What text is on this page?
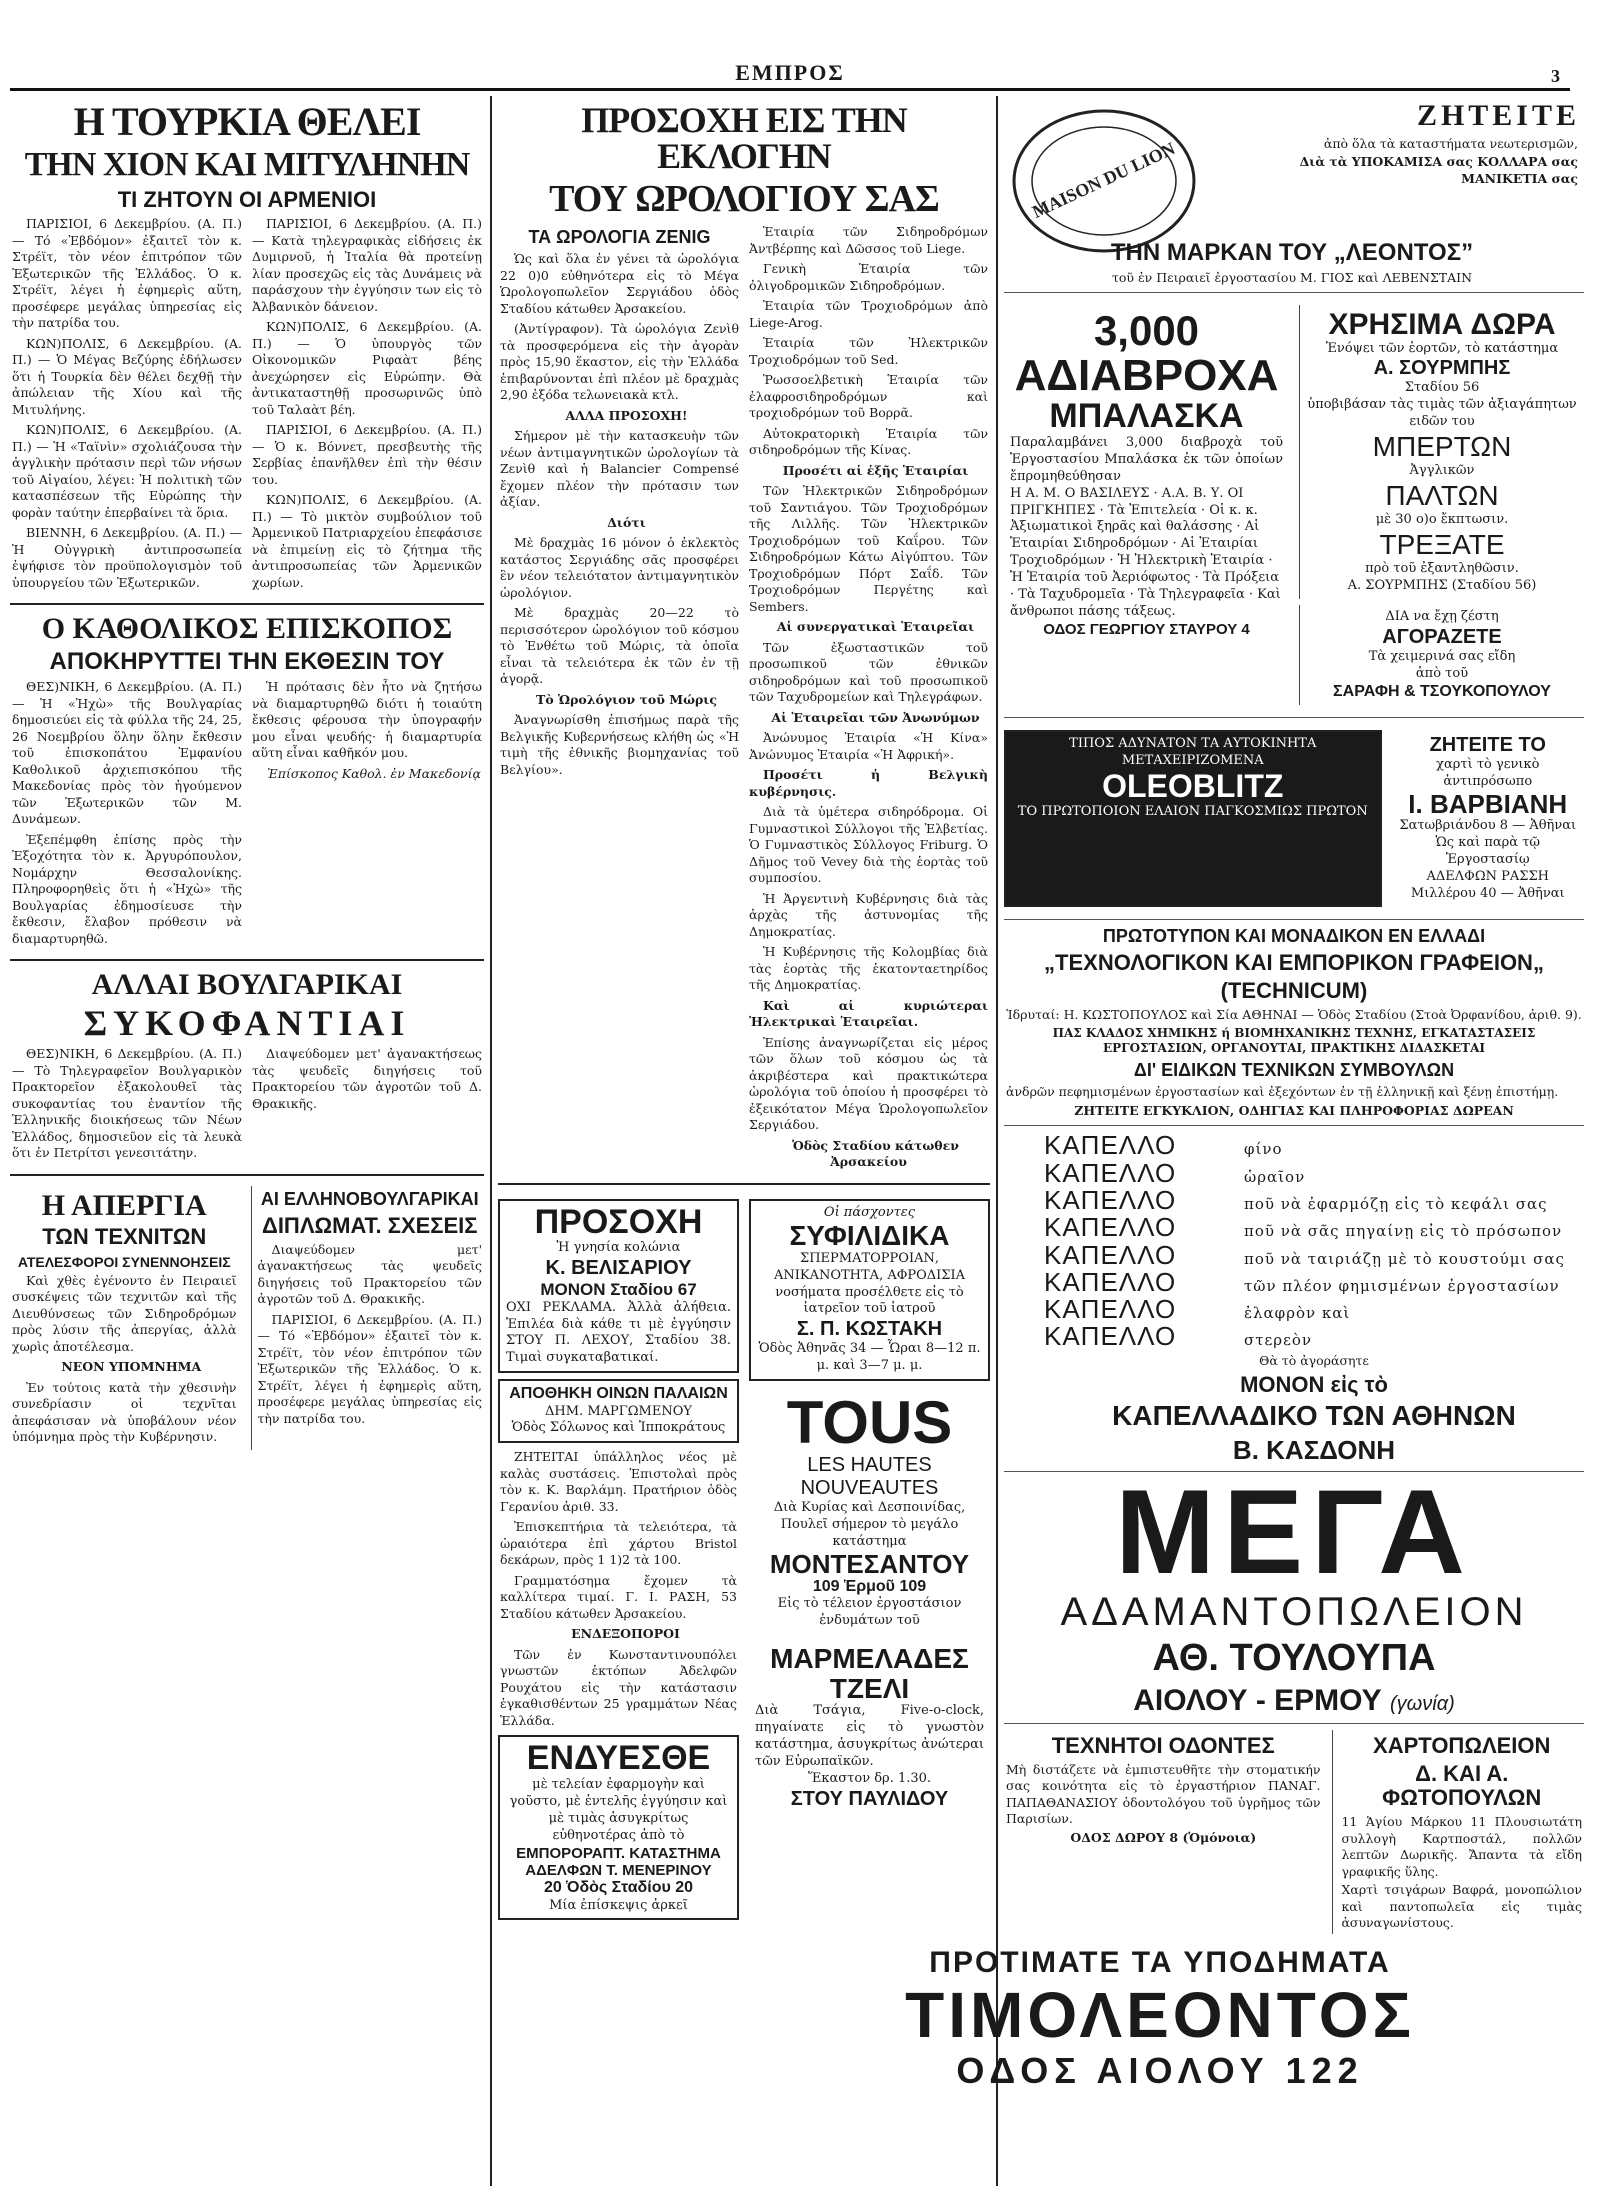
ΕΜΠΡΟΣ	3
Η ΤΟΥΡΚΙΑ ΘΕΛΕΙ
ΤΗΝ ΧΙΟΝ ΚΑΙ ΜΙΤΥΛΗΝΗΝ
ΤΙ ΖΗΤΟΥΝ ΟΙ ΑΡΜΕΝΙΟΙ

ΠΑΡΙΣΙΟΙ, 6 Δεκεμβρίου. (Α. Π.) — Τό «Ἐβδόμον» ἐξαιτεῖ τὸν κ. Στρέϊτ, τὸν νέον ἐπιτρόπον τῶν Ἐξωτερικῶν τῆς Ἑλλάδος. Ὁ κ. Στρέϊτ, λέγει ἡ ἐφημερὶς αὕτη, προσέφερε μεγάλας ὑπηρεσίας εἰς τὴν πατρίδα του.

ΚΩΝ)ΠΟΛΙΣ, 6 Δεκεμβρίου. (Α. Π.) — Ὁ Μέγας Βεζύρης ἐδήλωσεν ὅτι ἡ Τουρκία δὲν θέλει δεχθῇ τὴν ἀπώλειαν τῆς Χίου καὶ τῆς Μιτυλήνης.

ΚΩΝ)ΠΟΛΙΣ, 6 Δεκεμβρίου. (Α. Π.) — Ἡ «Ταϊνὶν» σχολιάζουσα τὴν ἀγγλικὴν πρότασιν περὶ τῶν νήσων τοῦ Αἰγαίου, λέγει: Ἡ πολιτικὴ τῶν κατασπέσεων τῆς Εὐρώπης τὴν φορὰν ταύτην ἐπερβαίνει τὰ ὅρια.

ΒΙΕΝΝΗ, 6 Δεκεμβρίου. (Α. Π.) — Ἡ Οὐγγρικὴ ἀντιπροσωπεία ἐψήφισε τὸν προϋπολογισμὸν τοῦ ὑπουργείου τῶν Ἐξωτερικῶν.

ΠΑΡΙΣΙΟΙ, 6 Δεκεμβρίου. (Α. Π.) — Κατὰ τηλεγραφικὰς εἰδήσεις ἐκ Δυμιρνοῦ, ἡ Ἰταλία θὰ προτείνῃ λίαν προσεχῶς εἰς τὰς Δυνάμεις νὰ παράσχουν τὴν ἐγγύησιν των εἰς τὸ Ἀλβανικὸν δάνειον.

ΚΩΝ)ΠΟΛΙΣ, 6 Δεκεμβρίου. (Α. Π.) — Ὁ ὑπουργὸς τῶν Οἰκονομικῶν Ριφαὰτ βέης ἀνεχώρησεν εἰς Εὐρώπην. Θὰ ἀντικαταστηθῇ προσωρινῶς ὑπὸ τοῦ Ταλαὰτ βέη.

ΠΑΡΙΣΙΟΙ, 6 Δεκεμβρίου. (Α. Π.) — Ὁ κ. Βόννετ, πρεσβευτὴς τῆς Σερβίας ἐπανῆλθεν ἐπὶ τὴν θέσιν του.

ΚΩΝ)ΠΟΛΙΣ, 6 Δεκεμβρίου. (Α. Π.) — Τὸ μικτὸν συμβούλιον τοῦ Ἀρμενικοῦ Πατριαρχείου ἐπεφάσισε νὰ ἐπιμείνῃ εἰς τὸ ζήτημα τῆς ἀντιπροσωπείας τῶν Ἀρμενικῶν χωρίων.

Ο ΚΑΘΟΛΙΚΟΣ ΕΠΙΣΚΟΠΟΣ
ΑΠΟΚΗΡΥΤΤΕΙ ΤΗΝ ΕΚΘΕΣΙΝ ΤΟΥ

ΘΕΣ)ΝΙΚΗ, 6 Δεκεμβρίου. (Α. Π.) — Ἡ «Ἠχὼ» τῆς Βουλγαρίας δημοσιεύει εἰς τὰ φύλλα τῆς 24, 25, 26 Νοεμβρίου ὅλην ὅλην ἔκθεσιν τοῦ ἐπισκοπάτου Ἐμφανίου Καθολικοῦ ἀρχιεπισκόπου τῆς Μακεδονίας πρὸς τὸν ἡγούμενον τῶν Ἐξωτερικῶν τῶν Μ. Δυνάμεων.

Ἐξεπέμφθη ἐπίσης πρὸς τὴν Ἐξοχότητα τὸν κ. Ἀργυρόπουλον, Νομάρχην Θεσσαλονίκης. Πληροφορηθεὶς ὅτι ἡ «Ἠχὼ» τῆς Βουλγαρίας ἐδημοσίευσε τὴν ἔκθεσιν, ἔλαβον πρόθεσιν νὰ διαμαρτυρηθῶ.

Ἡ πρότασις δὲν ἦτο νὰ ζητήσω νὰ διαμαρτυρηθῶ διότι ἡ τοιαύτη ἔκθεσις φέρουσα τὴν ὑπογραφήν μου εἶναι ψευδής· ἡ διαμαρτυρία αὕτη εἶναι καθῆκόν μου.

Ἐπίσκοπος Καθολ. ἐν Μακεδονίᾳ

ΑΛΛΑΙ ΒΟΥΛΓΑΡΙΚΑΙ
ΣΥΚΟΦΑΝΤΙΑΙ

ΘΕΣ)ΝΙΚΗ, 6 Δεκεμβρίου. (Α. Π.) — Τὸ Τηλεγραφεῖον Βουλγαρικὸν Πρακτορεῖον ἐξακολουθεῖ τὰς συκοφαντίας του ἐναντίον τῆς Ἑλληνικῆς διοικήσεως τῶν Νέων Ἑλλάδος, δημοσιεῦον εἰς τὰ λευκὰ ὅτι ἐν Πετρίτσι γενεσιτάτην.

Διαψεύδομεν μετ' ἀγανακτήσεως τὰς ψευδεῖς διηγήσεις τοῦ Πρακτορείου τῶν ἀγροτῶν τοῦ Δ. Θρακικῆς.

Η ΑΠΕΡΓΙΑ
ΤΩΝ ΤΕΧΝΙΤΩΝ
ΑΤΕΛΕΣΦΟΡΟΙ ΣΥΝΕΝΝΟΗΣΕΙΣ

Καὶ χθὲς ἐγένοντο ἐν Πειραιεῖ συσκέψεις τῶν τεχνιτῶν καὶ τῆς Διευθύνσεως τῶν Σιδηροδρόμων πρὸς λύσιν τῆς ἀπεργίας, ἀλλὰ χωρὶς ἀποτέλεσμα.

ΝΕΟΝ ΥΠΟΜΝΗΜΑ

Ἐν τούτοις κατὰ τὴν χθεσινὴν συνεδρίασιν οἱ τεχνῖται ἀπεφάσισαν νὰ ὑποβάλουν νέον ὑπόμνημα πρὸς τὴν Κυβέρνησιν.

ΑΙ ΕΛΛΗΝΟΒΟΥΛΓΑΡΙΚΑΙ
ΔΙΠΛΩΜΑΤ. ΣΧΕΣΕΙΣ

Διαψεύδομεν μετ' ἀγανακτήσεως τὰς ψευδεῖς διηγήσεις τοῦ Πρακτορείου τῶν ἀγροτῶν τοῦ Δ. Θρακικῆς.

ΠΑΡΙΣΙΟΙ, 6 Δεκεμβρίου. (Α. Π.) — Τό «Ἐβδόμον» ἐξαιτεῖ τὸν κ. Στρέϊτ, τὸν νέον ἐπιτρόπον τῶν Ἐξωτερικῶν τῆς Ἑλλάδος. Ὁ κ. Στρέϊτ, λέγει ἡ ἐφημερὶς αὕτη, προσέφερε μεγάλας ὑπηρεσίας εἰς τὴν πατρίδα του.

ΠΡΟΣΟΧΗ ΕΙΣ ΤΗΝ ΕΚΛΟΓΗΝ
ΤΟΥ ΩΡΟΛΟΓΙΟΥ ΣΑΣ
ΤΑ ΩΡΟΛΟΓΙΑ ZENIG

Ὡς καὶ ὅλα ἐν γένει τὰ ὡρολόγια 22 0)0 εὐθηνότερα εἰς τὸ Μέγα Ὡρολογοπωλεῖον Σεργιάδου ὁδὸς Σταδίου κάτωθεν Ἀρσακείου.

(Ἀντίγραφον). Τὰ ὡρολόγια Ζενὶθ τὰ προσφερόμενα εἰς τὴν ἀγορὰν πρὸς 15,90 ἕκαστον, εἰς τὴν Ἑλλάδα ἐπιβαρύνονται ἐπὶ πλέον μὲ δραχμὰς 2,90 ἐξόδα τελωνειακὰ κτλ.

ΑΛΛΑ ΠΡΟΣΟΧΗ!

Σήμερον μὲ τὴν κατασκευὴν τῶν νέων ἀντιμαγνητικῶν ὡρολογίων τὰ Ζενὶθ καὶ ἡ Balancier Compensé ἔχομεν πλέον τὴν πρότασιν των ἀξίαν.

Διότι

Μὲ δραχμὰς 16 μόνον ὁ ἐκλεκτὸς κατάστος Σεργιάδης σᾶς προσφέρει ἓν νέον τελειότατον ἀντιμαγνητικὸν ὡρολόγιον.

Μὲ δραχμὰς 20—22 τὸ περισσότερον ὡρολόγιον τοῦ κόσμου τὸ Ἐνθέτω τοῦ Μώρις, τὰ ὁποῖα εἶναι τὰ τελειότερα ἐκ τῶν ἐν τῇ ἀγορᾷ.

Τὸ Ὡρολόγιον τοῦ Μώρις

Ἀναγνωρίσθη ἐπισήμως παρὰ τῆς Βελγικῆς Κυβερνήσεως κλήθη ὡς «Ἡ τιμὴ τῆς ἐθνικῆς βιομηχανίας τοῦ Βελγίου».

Ἑταιρία τῶν Σιδηροδρόμων Ἀντβέρπης καὶ Δῶσσος τοῦ Liege.

Γενικὴ Ἑταιρία τῶν ὀλιγοδρομικῶν Σιδηροδρόμων.

Ἑταιρία τῶν Τροχιοδρόμων ἀπὸ Liege-Arog.

Ἑταιρία τῶν Ἠλεκτρικῶν Τροχιοδρόμων τοῦ Sed.

Ῥωσσοελβετικὴ Ἑταιρία τῶν ἐλαφροσιδηροδρόμων καὶ τροχιοδρόμων τοῦ Βορρᾶ.

Αὐτοκρατορικὴ Ἑταιρία τῶν σιδηροδρόμων τῆς Κίνας.

Προσέτι αἱ ἑξῆς Ἑταιρίαι

Τῶν Ἠλεκτρικῶν Σιδηροδρόμων τοῦ Σαντιάγου. Τῶν Τροχιοδρόμων τῆς Λιλλῆς. Τῶν Ἠλεκτρικῶν Τροχιοδρόμων τοῦ Καΐρου. Τῶν Σιδηροδρόμων Κάτω Αἰγύπτου. Τῶν Τροχιοδρόμων Πόρτ Σαΐδ. Τῶν Τροχιοδρόμων Περγέτης καὶ Sembers.

Αἱ συνεργατικαὶ Ἑταιρεῖαι

Τῶν ἐξωσταστικῶν τοῦ προσωπικοῦ τῶν ἐθνικῶν σιδηροδρόμων καὶ τοῦ προσωπικοῦ τῶν Ταχυδρομείων καὶ Τηλεγράφων.

Αἱ Ἑταιρεῖαι τῶν Ἀνωνύμων

Ἀνώνυμος Ἑταιρία «Ἡ Κίνα» Ἀνώνυμος Ἑταιρία «Ἡ Ἀφρική».

Προσέτι ἡ Βελγικὴ κυβέρνησις.

Διὰ τὰ ὑμέτερα σιδηρόδρομα. Οἱ Γυμναστικοὶ Σύλλογοι τῆς Ἑλβετίας. Ὁ Γυμναστικὸς Σύλλογος Friburg. Ὁ Δῆμος τοῦ Vevey διὰ τὴς ἑορτὰς τοῦ συμποσίου.

Ἡ Ἀργεντινὴ Κυβέρνησις διὰ τὰς ἀρχὰς τῆς ἀστυνομίας τῆς Δημοκρατίας.

Ἡ Κυβέρνησις τῆς Κολομβίας διὰ τὰς ἑορτὰς τῆς ἑκατονταετηρίδος τῆς Δημοκρατίας.

Καὶ αἱ κυριώτεραι Ἠλεκτρικαὶ Ἑταιρεῖαι.

Ἐπίσης ἀναγνωρίζεται εἰς μέρος τῶν ὅλων τοῦ κόσμου ὡς τὰ ἀκριβέστερα καὶ πρακτικώτερα ὡρολόγια τοῦ ὁποίου ἡ προσφέρει τὸ ἐξεικότατον Μέγα Ὡρολογοπωλεῖον Σεργιάδου.

Ὁδὸς Σταδίου κάτωθεν Ἀρσακείου

ΠΡΟΣΟΧΗ
Ἡ γνησία κολώνια
Κ. ΒΕΛΙΣΑΡΙΟΥ
ΜΟΝΟΝ Σταδίου 67
ΟΧΙ ΡΕΚΛΑΜΑ. Ἀλλὰ ἀλήθεια. Ἐπιλέα διὰ κάθε τι μὲ ἐγγύησιν ΣΤΟΥ Π. ΛΕΧΟΥ, Σταδίου 38. Τιμαὶ συγκαταβατικαί.
ΑΠΟΘΗΚΗ ΟΙΝΩΝ ΠΑΛΑΙΩΝ
ΔΗΜ. ΜΑΡΓΩΜΕΝΟΥ
Ὁδὸς Σόλωνος καὶ Ἱπποκράτους

ΖΗΤΕΙΤΑΙ ὑπάλληλος νέος μὲ καλὰς συστάσεις. Ἐπιστολαὶ πρὸς τὸν κ. Κ. Βαρλάμη. Πρατήριον ὁδὸς Γερανίου ἀριθ. 33.

Ἐπισκεπτήρια τὰ τελειότερα, τὰ ὡραιότερα ἐπὶ χάρτου Bristol δεκάρων, πρὸς 1 1)2 τὰ 100.

Γραμματόσημα ἔχομεν τὰ καλλίτερα τιμαί. Γ. Ι. ΡΑΣΗ, 53 Σταδίου κάτωθεν Ἀρσακείου.

ΕΝΔΕΞΟΠΟΡΟΙ

Τῶν ἐν Κωνσταντινουπόλει γνωστῶν ἐκτόπων Ἀδελφῶν Ρουχάτου εἰς τὴν κατάστασιν ἐγκαθισθέντων 25 γραμμάτων Νέας Ἑλλάδα.

ΕΝΔΥΕΣΘΕ
μὲ τελείαν ἐφαρμογὴν καὶ γοῦστο, μὲ ἐντελῆς ἐγγύησιν καὶ μὲ τιμὰς ἀσυγκρίτως εὐθηνοτέρας ἀπὸ τὸ
ΕΜΠΟΡΟΡΑΠΤ. ΚΑΤΑΣΤΗΜΑ ΑΔΕΛΦΩΝ Τ. ΜΕΝΕΡΙΝΟΥ
20 Ὁδὸς Σταδίου 20
Μία ἐπίσκεψις ἀρκεῖ
Οἱ πάσχοντες
ΣΥΦΙΛΙΔΙΚΑ
ΣΠΕΡΜΑΤΟΡΡΟΙΑΝ, ΑΝΙΚΑΝΟΤΗΤΑ, ΑΦΡΟΔΙΣΙΑ νοσήματα προσέλθετε εἰς τὸ ἰατρεῖον τοῦ ἰατροῦ
Σ. Π. ΚΩΣΤΑΚΗ
Ὁδὸς Ἀθηνᾶς 34 — Ὧραι 8—12 π. μ. καὶ 3—7 μ. μ.
TOUS
LES HAUTES
NOUVEAUTES
Διὰ Κυρίας καὶ Δεσποινίδας, Πουλεῖ σήμερον τὸ μεγάλο κατάστημα
ΜΟΝΤΕΣΑΝΤΟΥ
109 Ἑρμοῦ 109
Εἰς τὸ τέλειον ἐργοστάσιον ἐνδυμάτων τοῦ
ΜΑΡΜΕΛΑΔΕΣ
ΤΖΕΛΙ
Διὰ Τσάγια, Five-o-clock, πηγαίνατε εἰς τὸ γνωστὸν κατάστημα, ἀσυγκρίτως ἀνώτεραι τῶν Εὐρωπαϊκῶν.
Ἕκαστον δρ. 1.30.
ΣΤΟΥ ΠΑΥΛΙΔΟΥ
MAISON DU LION
ΖΗΤΕΙΤΕ
ἀπὸ ὅλα τὰ καταστήματα νεωτερισμῶν,
Διὰ τὰ ΥΠΟΚΑΜΙΣΑ σας ΚΟΛΛΑΡΑ σας ΜΑΝΙΚΕΤΙΑ σας
ΤΗΝ ΜΑΡΚΑΝ ΤΟΥ „ΛΕΟΝΤΟΣ”
τοῦ ἐν Πειραιεῖ ἐργοστασίου Μ. ΓΙΟΣ καὶ ΛΕΒΕΝΣΤΑΙΝ
3,000
ΑΔΙΑΒΡΟΧΑ
ΜΠΑΛΑΣΚΑ
Παραλαμβάνει 3,000 διαβροχὰ τοῦ Ἐργοστασίου Μπαλάσκα ἐκ τῶν ὁποίων ἔπρομηθεύθησαν
Η Α. Μ. Ο ΒΑΣΙΛΕΥΣ · Α.Α. Β. Υ. ΟΙ ΠΡΙΓΚΗΠΕΣ · Τὰ Ἐπιτελεία · Οἱ κ. κ. Ἀξιωματικοὶ ξηρᾶς καὶ θαλάσσης · Αἱ Ἑταιρίαι Σιδηροδρόμων · Αἱ Ἑταιρίαι Τροχιοδρόμων · Ἡ Ἠλεκτρικὴ Ἑταιρία · Ἡ Ἑταιρία τοῦ Ἀεριόφωτος · Τὰ Πρόξεια · Τὰ Ταχυδρομεῖα · Τὰ Τηλεγραφεῖα · Καὶ ἄνθρωποι πάσης τάξεως.
ΟΔΟΣ ΓΕΩΡΓΙΟΥ ΣΤΑΥΡΟΥ 4
ΧΡΗΣΙΜΑ ΔΩΡΑ
Ἐνόψει τῶν ἑορτῶν, τὸ κατάστημα
Α. ΣΟΥΡΜΠΗΣ
Σταδίου 56
ὑποβιβάσαν τὰς τιμὰς τῶν ἀξιαγάπητων ειδῶν του
ΜΠΕΡΤΩΝ
Ἀγγλικῶν
ΠΑΛΤΩΝ
μὲ 30 ο)ο ἔκπτωσιν.
ΤΡΕΞΑΤΕ
πρὸ τοῦ ἐξαντληθῶσιν.
Α. ΣΟΥΡΜΠΗΣ (Σταδίου 56)
ΔΙΑ να ἔχῃ ζέστη
ΑΓΟΡΑΖΕΤΕ
Τὰ χειμερινά σας εἴδη
ἀπὸ τοῦ
ΣΑΡΑΦΗ & ΤΣΟΥΚΟΠΟΥΛΟΥ
ΤΙΠΟΣ ΑΔΥΝΑΤΟΝ ΤΑ ΑΥΤΟΚΙΝΗΤΑ ΜΕΤΑΧΕΙΡΙΖΟΜΕΝΑ
OLEOBLITZ
ΤΟ ΠΡΩΤΟΠΟΙΟΝ ΕΛΑΙΟΝ ΠΑΓΚΟΣΜΙΩΣ ΠΡΩΤΟΝ
ΖΗΤΕΙΤΕ ΤΟ
χαρτὶ τὸ γενικὸ ἀντιπρόσωπο
Ι. ΒΑΡΒΙΑΝΗ
Σατωβριάνδου 8 — Ἀθῆναι
Ὡς καὶ παρὰ τῷ Ἐργοστασίῳ
ΑΔΕΛΦΩΝ ΡΑΣΣΗ
Μιλλέρου 40 — Ἀθῆναι
ΠΡΩΤΟΤΥΠΟΝ ΚΑΙ ΜΟΝΑΔΙΚΟΝ ΕΝ ΕΛΛΑΔΙ
„ΤΕΧΝΟΛΟΓΙΚΟΝ ΚΑΙ ΕΜΠΟΡΙΚΟΝ ΓΡΑΦΕΙΟΝ„
(TECHNICUM)
Ἱδρυταί: Η. ΚΩΣΤΟΠΟΥΛΟΣ καὶ Σία ΑΘΗΝΑΙ — Ὁδὸς Σταδίου (Στοὰ Ὀρφανίδου, ἀριθ. 9).
ΠΑΣ ΚΛΑΔΟΣ ΧΗΜΙΚΗΣ ή ΒΙΟΜΗΧΑΝΙΚΗΣ ΤΕΧΝΗΣ, ΕΓΚΑΤΑΣΤΑΣΕΙΣ ΕΡΓΟΣΤΑΣΙΩΝ, ΟΡΓΑΝΟΥΤΑΙ, ΠΡΑΚΤΙΚΗΣ ΔΙΔΑΣΚΕΤΑΙ
ΔΙ' ΕΙΔΙΚΩΝ ΤΕΧΝΙΚΩΝ ΣΥΜΒΟΥΛΩΝ
ἀνδρῶν πεφημισμένων ἐργοστασίων καὶ ἐξεχόντων ἐν τῇ ἑλληνικῇ καὶ ξένῃ ἐπιστήμῃ.
ΖΗΤΕΙΤΕ ΕΓΚΥΚΛΙΟΝ, ΟΔΗΓΙΑΣ ΚΑΙ ΠΛΗΡΟΦΟΡΙΑΣ ΔΩΡΕΑΝ
ΚΑΠΕΛΛΟ	φίνο
ΚΑΠΕΛΛΟ	ὡραῖον
ΚΑΠΕΛΛΟ	ποῦ νὰ ἐφαρμόζῃ εἰς τὸ κεφάλι σας
ΚΑΠΕΛΛΟ	ποῦ νὰ σᾶς πηγαίνῃ εἰς τὸ πρόσωπον
ΚΑΠΕΛΛΟ	ποῦ νὰ ταιριάζῃ μὲ τὸ κουστούμι σας
ΚΑΠΕΛΛΟ	τῶν πλέον φημισμένων ἐργοστασίων
ΚΑΠΕΛΛΟ	ἐλαφρὸν καὶ
ΚΑΠΕΛΛΟ	στερεὸν
Θὰ τὸ ἀγοράσητε
ΜΟΝΟΝ εἰς τὸ
ΚΑΠΕΛΛΑΔΙΚΟ ΤΩΝ ΑΘΗΝΩΝ
Β. ΚΑΣΔΟΝΗ
ΜΕΓΑ
ΑΔΑΜΑΝΤΟΠΩΛΕΙΟΝ
ΑΘ. ΤΟΥΛΟΥΠΑ
ΑΙΟΛΟΥ - ΕΡΜΟΥ (γωνία)
ΤΕΧΝΗΤΟΙ ΟΔΟΝΤΕΣ
Μὴ διστάζετε νὰ ἐμπιστευθῆτε τὴν στοματικήν σας κοινότητα εἰς τὸ ἐργαστήριον ΠΑΝΑΓ. ΠΑΠΑΘΑΝΑΣΙΟΥ ὁδοντολόγου τοῦ ὑγρῆμος τῶν Παρισίων.
ΟΔΟΣ ΔΩΡΟΥ 8 (Ὁμόνοια)
ΧΑΡΤΟΠΩΛΕΙΟΝ
Δ. ΚΑΙ Α. ΦΩΤΟΠΟΥΛΩΝ
11 Ἁγίου Μάρκου 11 Πλουσιωτάτη συλλογὴ Καρτποστάλ, πολλῶν λεπτῶν Δωρικῆς. Ἄπαντα τὰ εἴδη γραφικῆς ὕλης.
Χαρτὶ τσιγάρων Βαφρά, μονοπώλιον καὶ παντοπωλεῖα εἰς τιμὰς ἀσυναγωνίστους.
ΠΡΟΤΙΜΑΤΕ ΤΑ ΥΠΟΔΗΜΑΤΑ
ΤΙΜΟΛΕΟΝΤΟΣ
ΟΔΟΣ ΑΙΟΛΟΥ 122
